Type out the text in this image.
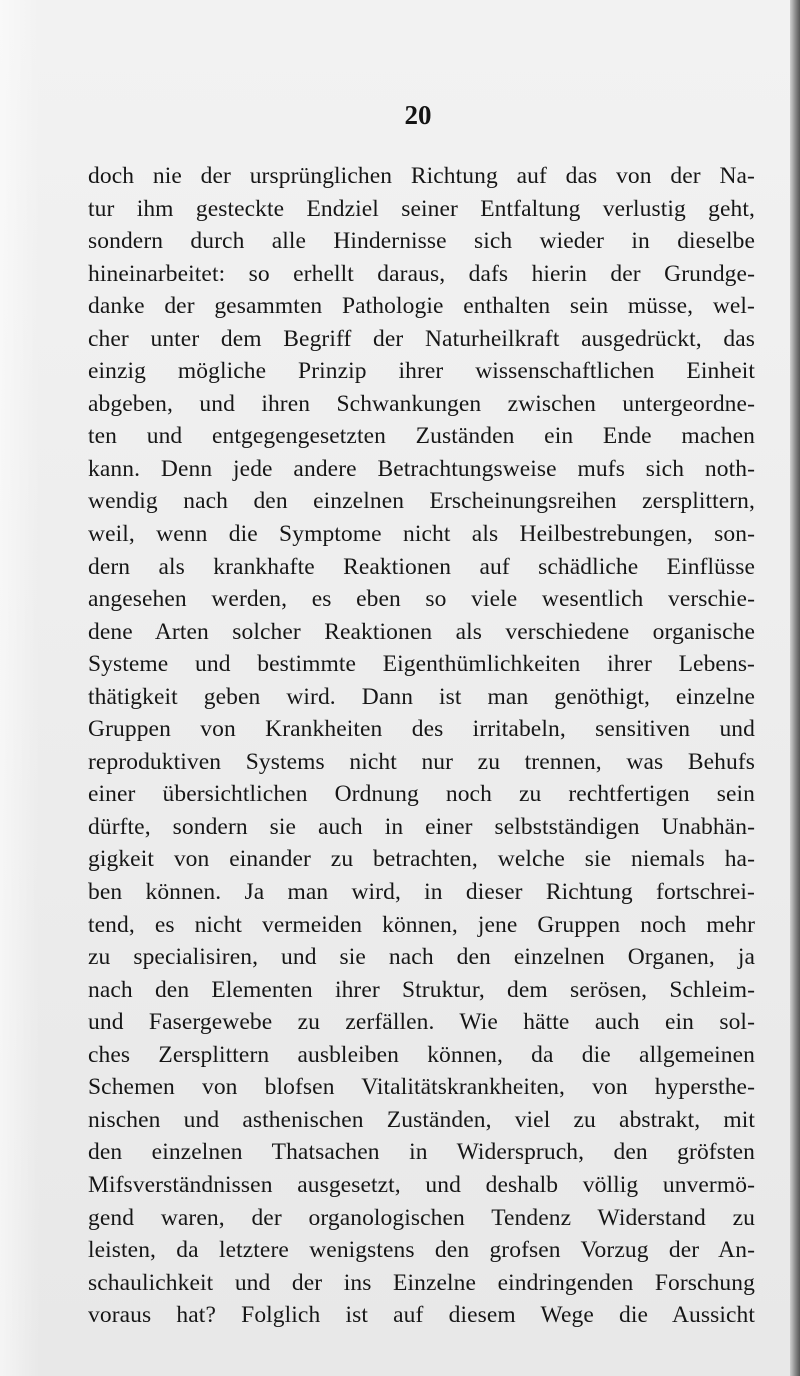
20

doch nie der ursprünglichen Richtung auf das von der Na-
tur ihm gesteckte Endziel seiner Entfaltung verlustig geht,
sondern durch alle Hindernisse sich wieder in dieselbe
hineinarbeitet: so erhellt daraus, dafs hierin der Grundge-
danke der gesammten Pathologie enthalten sein müsse, wel-
cher unter dem Begriff der Naturheilkraft ausgedrückt, das
einzig mögliche Prinzip ihrer wissenschaftlichen Einheit
abgeben, und ihren Schwankungen zwischen untergeordne-
ten und entgegengesetzten Zuständen ein Ende machen
kann. Denn jede andere Betrachtungsweise mufs sich noth-
wendig nach den einzelnen Erscheinungsreihen zersplittern,
weil, wenn die Symptome nicht als Heilbestrebungen, son-
dern als krankhafte Reaktionen auf schädliche Einflüsse
angesehen werden, es eben so viele wesentlich verschie-
dene Arten solcher Reaktionen als verschiedene organische
Systeme und bestimmte Eigenthümlichkeiten ihrer Lebens-
thätigkeit geben wird. Dann ist man genöthigt, einzelne
Gruppen von Krankheiten des irritabeln, sensitiven und
reproduktiven Systems nicht nur zu trennen, was Behufs
einer übersichtlichen Ordnung noch zu rechtfertigen sein
dürfte, sondern sie auch in einer selbstständigen Unabhän-
gigkeit von einander zu betrachten, welche sie niemals ha-
ben können. Ja man wird, in dieser Richtung fortschrei-
tend, es nicht vermeiden können, jene Gruppen noch mehr
zu specialisiren, und sie nach den einzelnen Organen, ja
nach den Elementen ihrer Struktur, dem serösen, Schleim-
und Fasergewebe zu zerfällen. Wie hätte auch ein sol-
ches Zersplittern ausbleiben können, da die allgemeinen
Schemen von blofsen Vitalitätskrankheiten, von hypersthe-
nischen und asthenischen Zuständen, viel zu abstrakt, mit
den einzelnen Thatsachen in Widerspruch, den gröfsten
Mifsverständnissen ausgesetzt, und deshalb völlig unvermö-
gend waren, der organologischen Tendenz Widerstand zu
leisten, da letztere wenigstens den grofsen Vorzug der An-
schaulichkeit und der ins Einzelne eindringenden Forschung
voraus hat? Folglich ist auf diesem Wege die Aussicht
